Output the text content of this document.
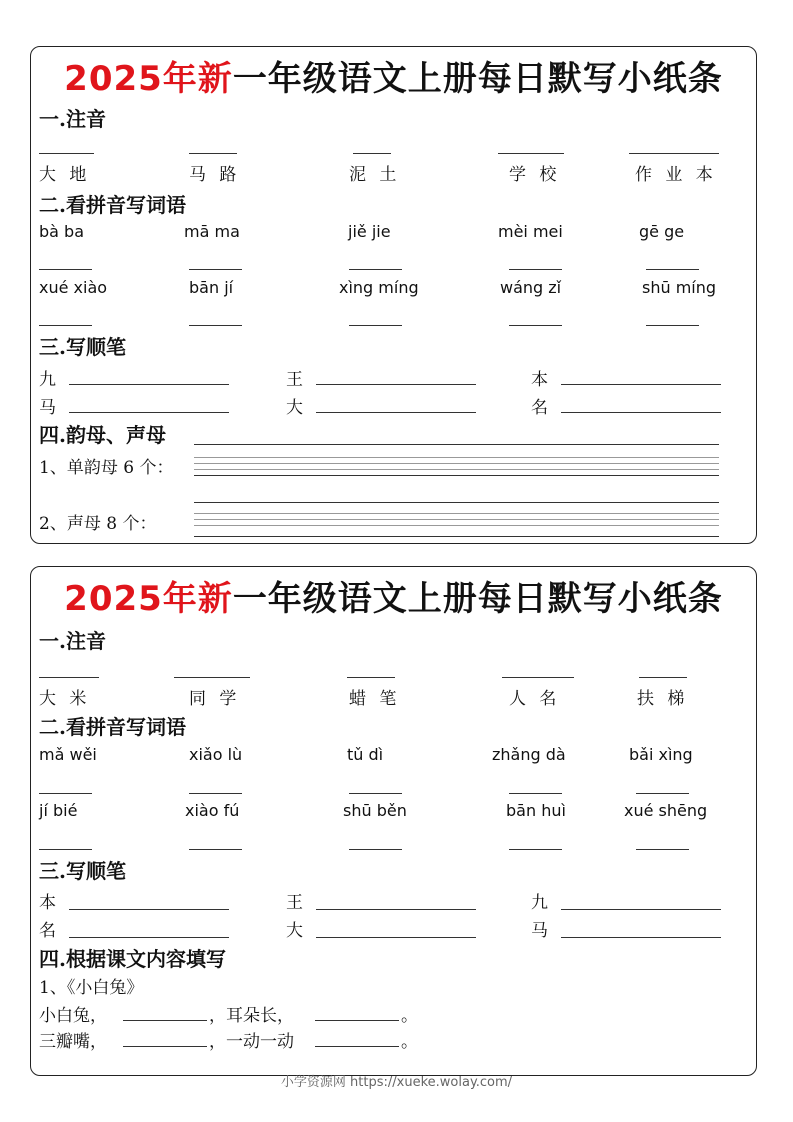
2025年新一年级语文上册每日默写小纸条
一.注音
大 地	马 路	泥 土	学 校	作 业 本
二.看拼音写词语
bà ba	mā ma	jiě jie	mèi mei	gē ge
xué xiào	bān jí	xìng míng	wáng zǐ	shū míng
三.写顺笔
九	王	本
马	大	名
四.韵母、声母
1、单韵母 6 个：
2、声母 8 个：
2025年新一年级语文上册每日默写小纸条
一.注音
大 米	同 学	蜡 笔	人 名	扶 梯
二.看拼音写词语
mǎ wěi	xiǎo lù	tǔ dì	zhǎng dà	bǎi xìng
jí bié	xiào fú	shū běn	bān huì	xué shēng
三.写顺笔
本	王	九
名	大	马
四.根据课文内容填写
1、《小白兔》
小白兔，	，耳朵长，	。
三瓣嘴，	，一动一动	。
小学资源网 https://xueke.wolay.com/
